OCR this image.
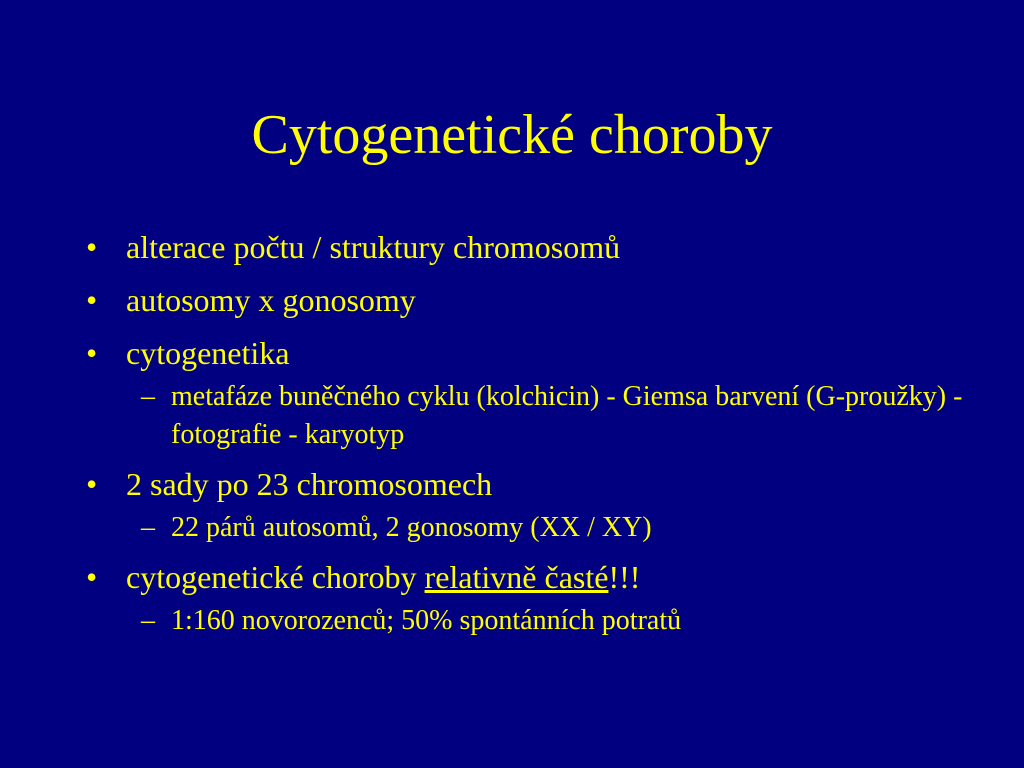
Cytogenetické choroby
• alterace počtu / struktury chromosomů
• autosomy x gonosomy
• cytogenetika
– metafáze buněčného cyklu (kolchicin) - Giemsa barvení (G-proužky) - fotografie - karyotyp
• 2 sady po 23 chromosomech
– 22 párů autosomů, 2 gonosomy (XX / XY)
• cytogenetické choroby relativně časté!!!
– 1:160 novorozenců; 50% spontánních potratů
